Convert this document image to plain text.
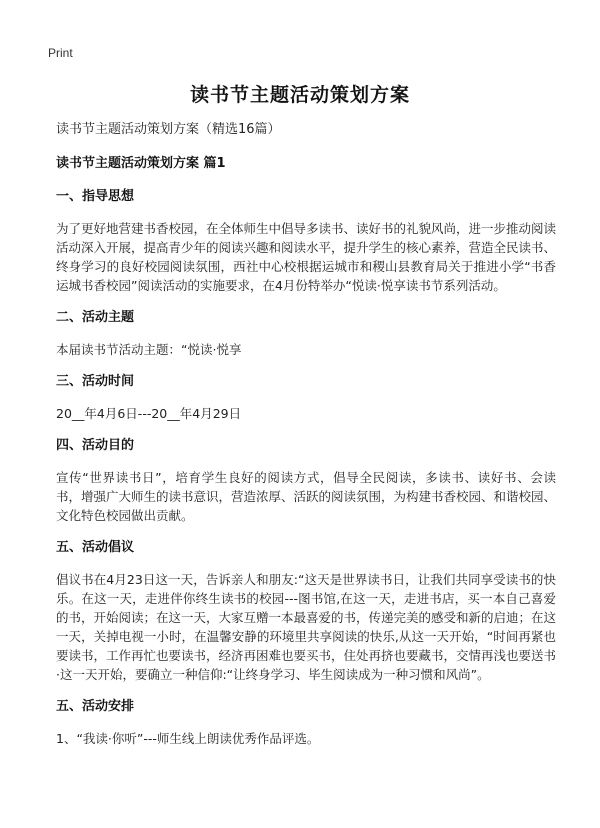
Print
读书节主题活动策划方案
读书节主题活动策划方案（精选16篇）
读书节主题活动策划方案 篇1
一、指导思想
为了更好地营建书香校园，在全体师生中倡导多读书、读好书的礼貌风尚，进一步推动阅读活动深入开展，提高青少年的阅读兴趣和阅读水平，提升学生的核心素养，营造全民读书、终身学习的良好校园阅读氛围，西社中心校根据运城市和稷山县教育局关于推进小学“书香运城书香校园”阅读活动的实施要求，在4月份特举办“悦读·悦享读书节系列活动。
二、活动主题
本届读书节活动主题：“悦读·悦享
三、活动时间
20__年4月6日---20__年4月29日
四、活动目的
宣传“世界读书日”，培育学生良好的阅读方式，倡导全民阅读，多读书、读好书、会读书，增强广大师生的读书意识，营造浓厚、活跃的阅读氛围，为构建书香校园、和谐校园、文化特色校园做出贡献。
五、活动倡议
倡议书在4月23日这一天，告诉亲人和朋友:“这天是世界读书日，让我们共同享受读书的快乐。在这一天，走进伴你终生读书的校园---图书馆,在这一天，走进书店，买一本自己喜爱的书，开始阅读；在这一天，大家互赠一本最喜爱的书，传递完美的感受和新的启迪；在这一天，关掉电视一小时，在温馨安静的环境里共享阅读的快乐,从这一天开始，“时间再紧也要读书，工作再忙也要读书，经济再困难也要买书，住处再挤也要藏书，交情再浅也要送书·这一天开始，要确立一种信仰:“让终身学习、毕生阅读成为一种习惯和风尚”。
五、活动安排
1、“我读·你听”---师生线上朗读优秀作品评选。
